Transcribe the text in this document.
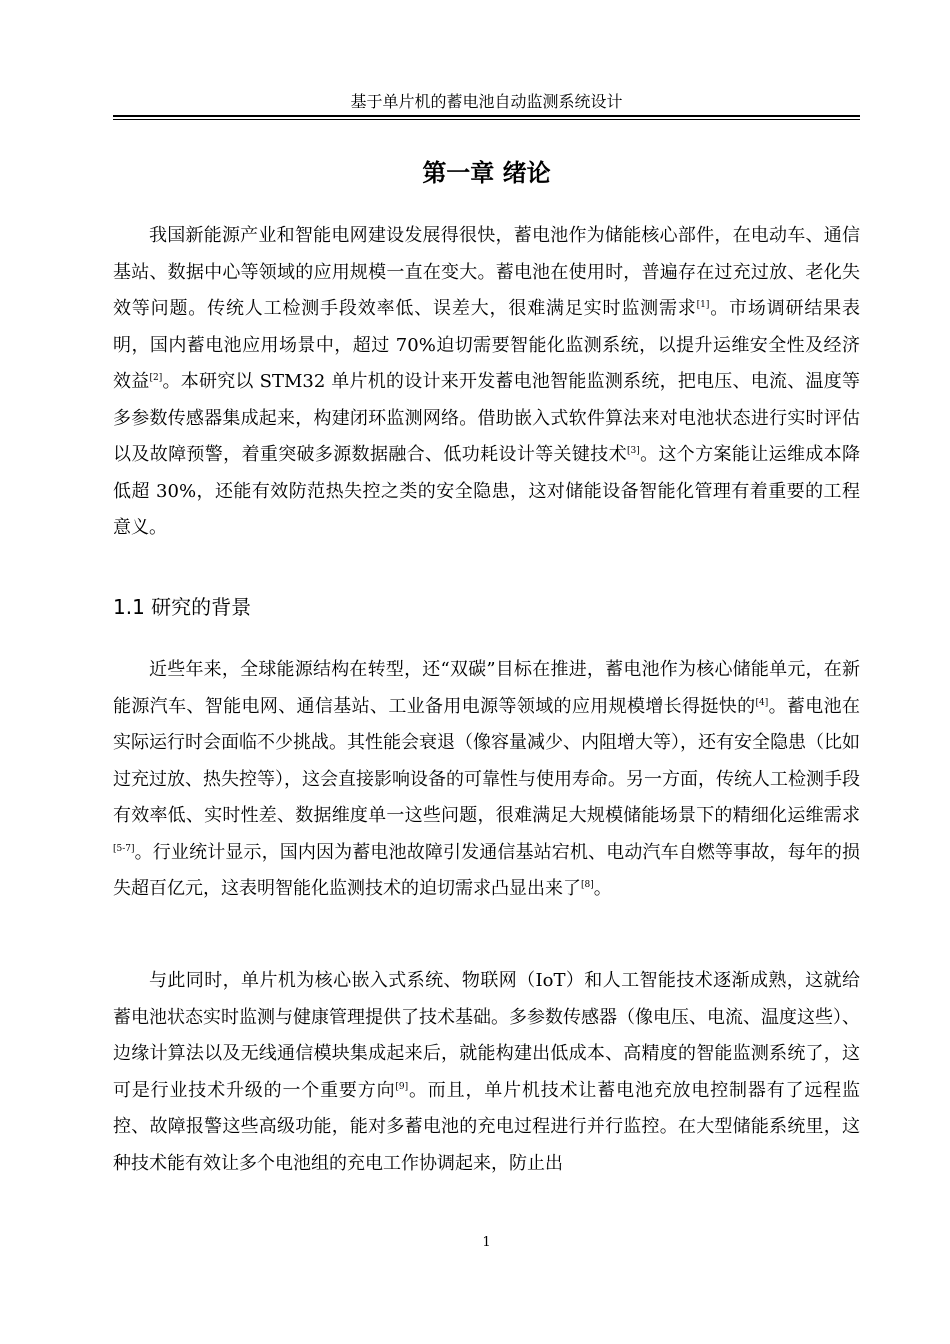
基于单片机的蓄电池自动监测系统设计
第一章 绪论

我国新能源产业和智能电网建设发展得很快，蓄电池作为储能核心部件，在电动车、通信基站、数据中心等领域的应用规模一直在变大。蓄电池在使用时，普遍存在过充过放、老化失效等问题。传统人工检测手段效率低、误差大，很难满足实时监测需求[1]。市场调研结果表明，国内蓄电池应用场景中，超过 70%迫切需要智能化监测系统，以提升运维安全性及经济效益[2]。本研究以 STM32 单片机的设计来开发蓄电池智能监测系统，把电压、电流、温度等多参数传感器集成起来，构建闭环监测网络。借助嵌入式软件算法来对电池状态进行实时评估以及故障预警，着重突破多源数据融合、低功耗设计等关键技术[3]。这个方案能让运维成本降低超 30%，还能有效防范热失控之类的安全隐患，这对储能设备智能化管理有着重要的工程意义。

1.1 研究的背景

近些年来，全球能源结构在转型，还“双碳”目标在推进，蓄电池作为核心储能单元，在新能源汽车、智能电网、通信基站、工业备用电源等领域的应用规模增长得挺快的[4]。蓄电池在实际运行时会面临不少挑战。其性能会衰退（像容量减少、内阻增大等），还有安全隐患（比如过充过放、热失控等），这会直接影响设备的可靠性与使用寿命。另一方面，传统人工检测手段有效率低、实时性差、数据维度单一这些问题，很难满足大规模储能场景下的精细化运维需求[5-7]。行业统计显示，国内因为蓄电池故障引发通信基站宕机、电动汽车自燃等事故，每年的损失超百亿元，这表明智能化监测技术的迫切需求凸显出来了[8]。

与此同时，单片机为核心嵌入式系统、物联网（IoT）和人工智能技术逐渐成熟，这就给蓄电池状态实时监测与健康管理提供了技术基础。多参数传感器（像电压、电流、温度这些）、边缘计算法以及无线通信模块集成起来后，就能构建出低成本、高精度的智能监测系统了，这可是行业技术升级的一个重要方向[9]。而且，单片机技术让蓄电池充放电控制器有了远程监控、故障报警这些高级功能，能对多蓄电池的充电过程进行并行监控。在大型储能系统里，这种技术能有效让多个电池组的充电工作协调起来，防止出

1
